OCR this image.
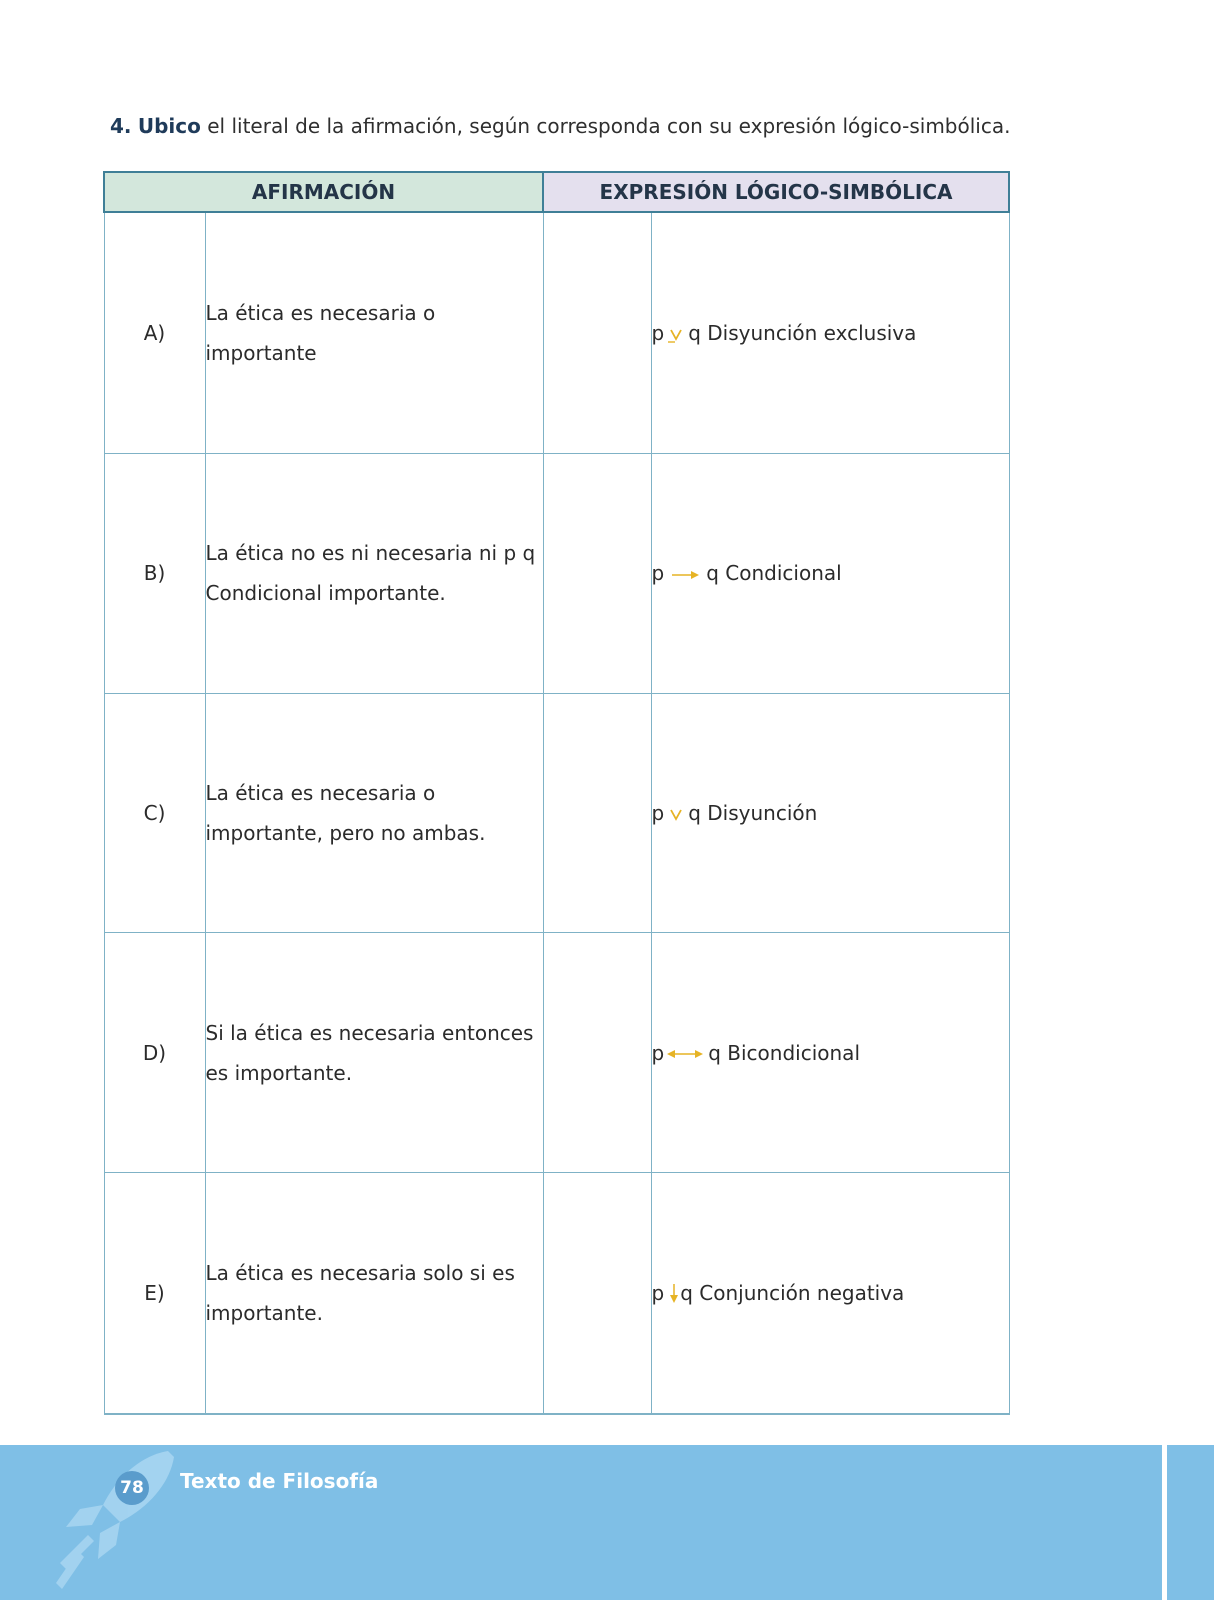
4. Ubico el literal de la afirmación, según corresponda con su expresión lógico-simbólica.
AFIRMACIÓN		EXPRESIÓN LÓGICO-SIMBÓLICA	
A)	La ética es necesaria o importante		p q Disyunción exclusiva
B)	La ética no es ni necesaria ni p q Condicional importante.		p q Condicional
C)	La ética es necesaria o importante, pero no ambas.		p q Disyunción
D)	Si la ética es necesaria entonces es importante.		p q Bicondicional
E)	La ética es necesaria solo si es importante.		p q Conjunción negativa
78 Texto de Filosofía
